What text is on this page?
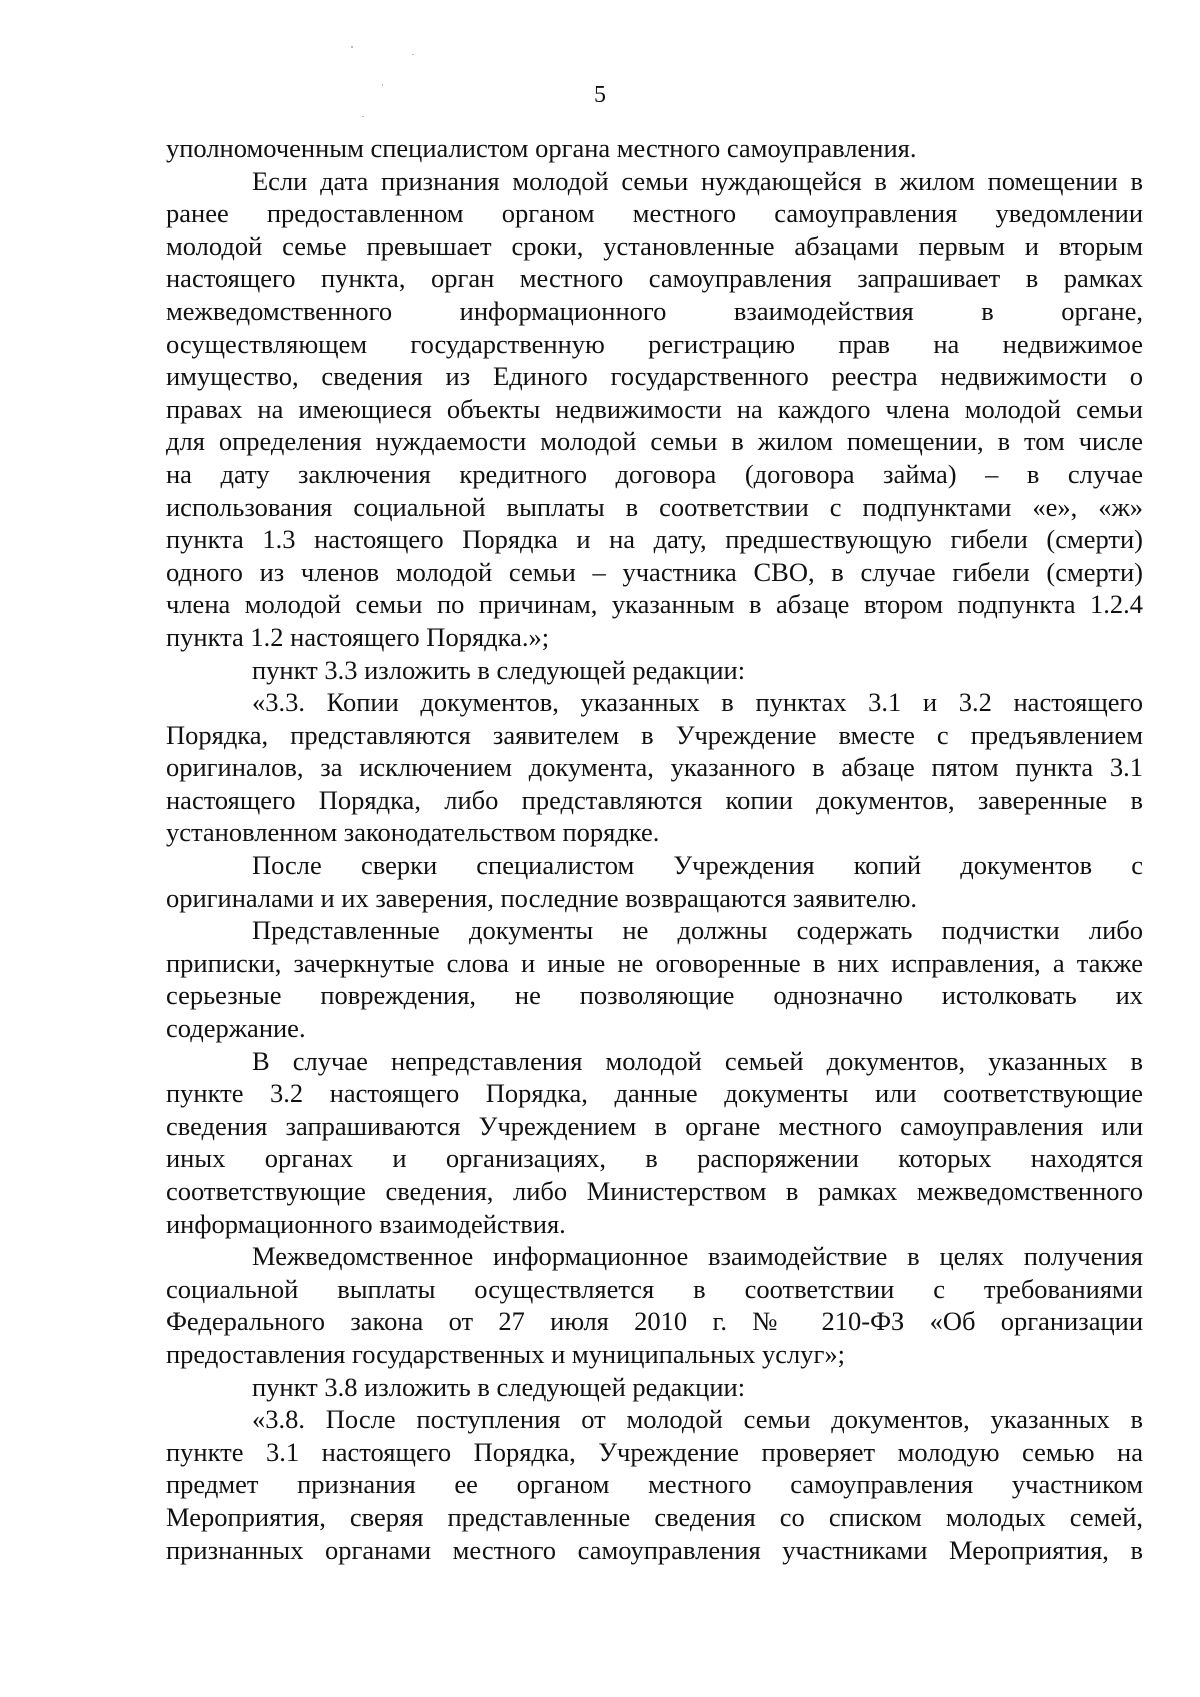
5
уполномоченным специалистом органа местного самоуправления.
Если дата признания молодой семьи нуждающейся в жилом помещении в
ранее предоставленном органом местного самоуправления уведомлении
молодой семье превышает сроки, установленные абзацами первым и вторым
настоящего пункта, орган местного самоуправления запрашивает в рамках
межведомственного информационного взаимодействия в органе,
осуществляющем государственную регистрацию прав на недвижимое
имущество, сведения из Единого государственного реестра недвижимости о
правах на имеющиеся объекты недвижимости на каждого члена молодой семьи
для определения нуждаемости молодой семьи в жилом помещении, в том числе
на дату заключения кредитного договора (договора займа) – в случае
использования социальной выплаты в соответствии с подпунктами «е», «ж»
пункта 1.3 настоящего Порядка и на дату, предшествующую гибели (смерти)
одного из членов молодой семьи – участника СВО, в случае гибели (смерти)
члена молодой семьи по причинам, указанным в абзаце втором подпункта 1.2.4
пункта 1.2 настоящего Порядка.»;
пункт 3.3 изложить в следующей редакции:
«3.3. Копии документов, указанных в пунктах 3.1 и 3.2 настоящего
Порядка, представляются заявителем в Учреждение вместе с предъявлением
оригиналов, за исключением документа, указанного в абзаце пятом пункта 3.1
настоящего Порядка, либо представляются копии документов, заверенные в
установленном законодательством порядке.
После сверки специалистом Учреждения копий документов с
оригиналами и их заверения, последние возвращаются заявителю.
Представленные документы не должны содержать подчистки либо
приписки, зачеркнутые слова и иные не оговоренные в них исправления, а также
серьезные повреждения, не позволяющие однозначно истолковать их
содержание.
В случае непредставления молодой семьей документов, указанных в
пункте 3.2 настоящего Порядка, данные документы или соответствующие
сведения запрашиваются Учреждением в органе местного самоуправления или
иных органах и организациях, в распоряжении которых находятся
соответствующие сведения, либо Министерством в рамках межведомственного
информационного взаимодействия.
Межведомственное информационное взаимодействие в целях получения
социальной выплаты осуществляется в соответствии с требованиями
Федерального закона от 27 июля 2010 г. № 210-ФЗ «Об организации
предоставления государственных и муниципальных услуг»;
пункт 3.8 изложить в следующей редакции:
«3.8. После поступления от молодой семьи документов, указанных в
пункте 3.1 настоящего Порядка, Учреждение проверяет молодую семью на
предмет признания ее органом местного самоуправления участником
Мероприятия, сверяя представленные сведения со списком молодых семей,
признанных органами местного самоуправления участниками Мероприятия, в
